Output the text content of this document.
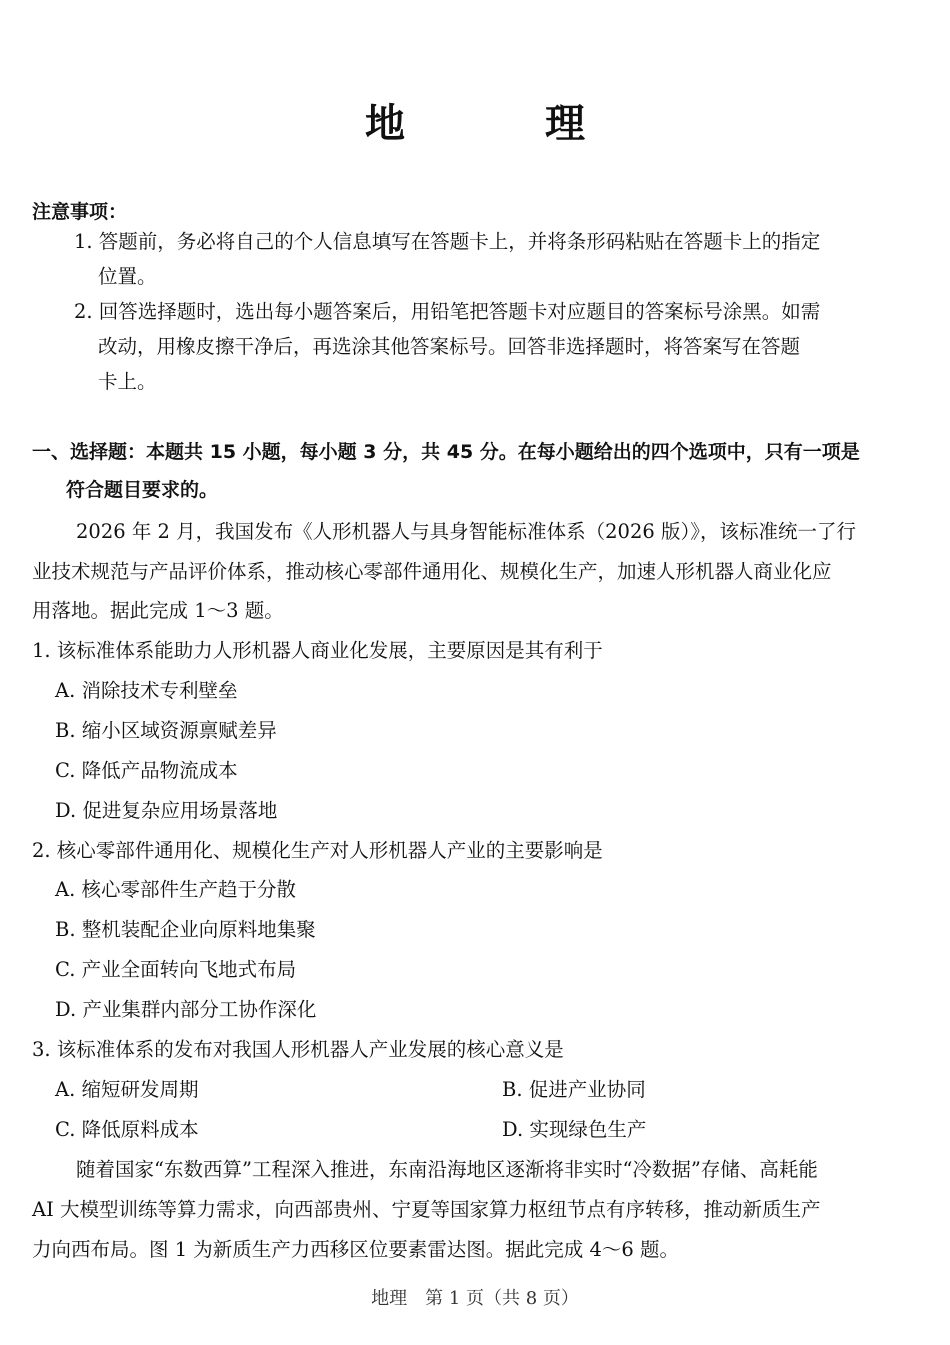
地　理
注意事项：
1. 答题前，务必将自己的个人信息填写在答题卡上，并将条形码粘贴在答题卡上的指定
位置。
2. 回答选择题时，选出每小题答案后，用铅笔把答题卡对应题目的答案标号涂黑。如需
改动，用橡皮擦干净后，再选涂其他答案标号。回答非选择题时，将答案写在答题
卡上。
一、选择题：本题共 15 小题，每小题 3 分，共 45 分。在每小题给出的四个选项中，只有一项是
符合题目要求的。
2026 年 2 月，我国发布《人形机器人与具身智能标准体系（2026 版）》，该标准统一了行
业技术规范与产品评价体系，推动核心零部件通用化、规模化生产，加速人形机器人商业化应
用落地。据此完成 1～3 题。
1. 该标准体系能助力人形机器人商业化发展，主要原因是其有利于
A. 消除技术专利壁垒
B. 缩小区域资源禀赋差异
C. 降低产品物流成本
D. 促进复杂应用场景落地
2. 核心零部件通用化、规模化生产对人形机器人产业的主要影响是
A. 核心零部件生产趋于分散
B. 整机装配企业向原料地集聚
C. 产业全面转向飞地式布局
D. 产业集群内部分工协作深化
3. 该标准体系的发布对我国人形机器人产业发展的核心意义是
A. 缩短研发周期	B. 促进产业协同
C. 降低原料成本	D. 实现绿色生产
随着国家“东数西算”工程深入推进，东南沿海地区逐渐将非实时“冷数据”存储、高耗能
AI 大模型训练等算力需求，向西部贵州、宁夏等国家算力枢纽节点有序转移，推动新质生产
力向西布局。图 1 为新质生产力西移区位要素雷达图。据此完成 4～6 题。
地理　第 1 页（共 8 页）
